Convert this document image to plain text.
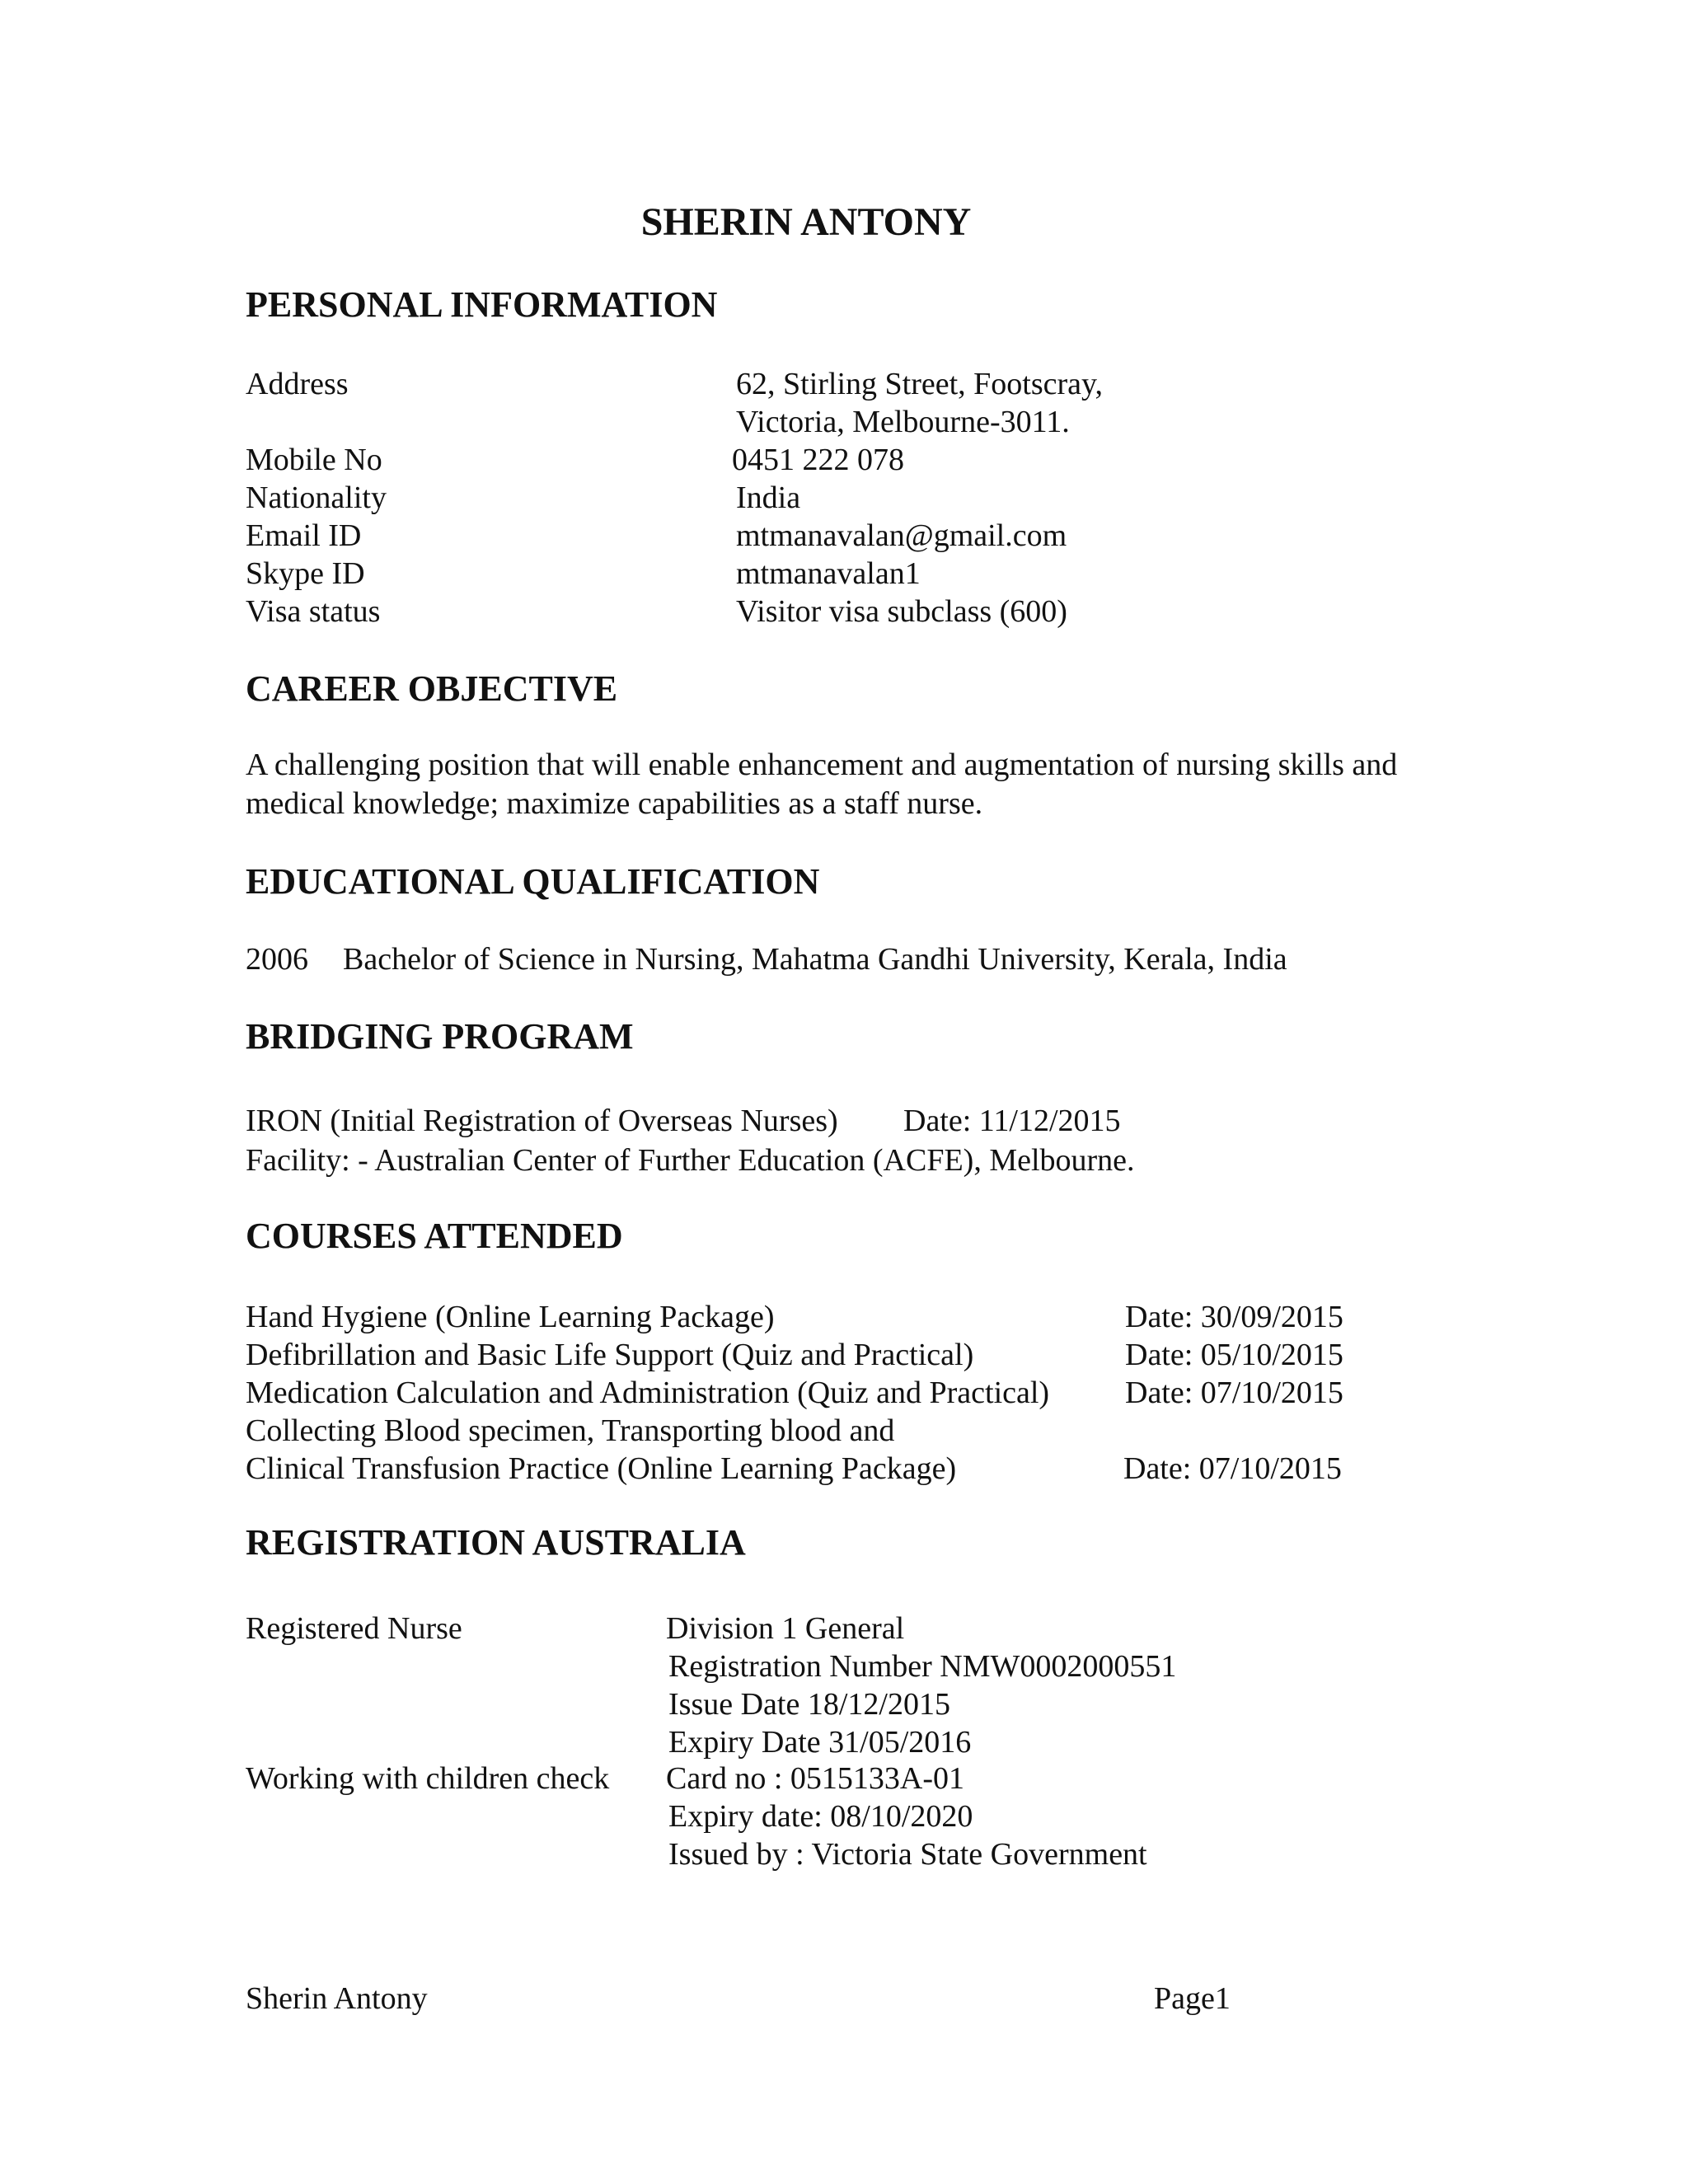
SHERIN ANTONY
PERSONAL INFORMATION
Address	62, Stirling Street, Footscray,
Victoria, Melbourne-3011.
Mobile No	0451 222 078
Nationality	India
Email ID	mtmanavalan@gmail.com
Skype ID	mtmanavalan1
Visa status	Visitor visa subclass (600)
CAREER OBJECTIVE
A challenging position that will enable enhancement and augmentation of nursing skills and
medical knowledge; maximize capabilities as a staff nurse.
EDUCATIONAL QUALIFICATION
2006 Bachelor of Science in Nursing, Mahatma Gandhi University, Kerala, India
BRIDGING PROGRAM
IRON (Initial Registration of Overseas Nurses) Date: 11/12/2015
Facility: - Australian Center of Further Education (ACFE), Melbourne.
COURSES ATTENDED
Hand Hygiene (Online Learning Package)	Date: 30/09/2015
Defibrillation and Basic Life Support (Quiz and Practical)	Date: 05/10/2015
Medication Calculation and Administration (Quiz and Practical) Date: 07/10/2015
Collecting Blood specimen, Transporting blood and
Clinical Transfusion Practice (Online Learning Package)	Date: 07/10/2015
REGISTRATION AUSTRALIA
Registered Nurse	Division 1 General
Registration Number NMW0002000551
Issue Date 18/12/2015
Expiry Date 31/05/2016
Working with children check Card no : 0515133A-01
Expiry date: 08/10/2020
Issued by : Victoria State Government
Sherin Antony	Page1
